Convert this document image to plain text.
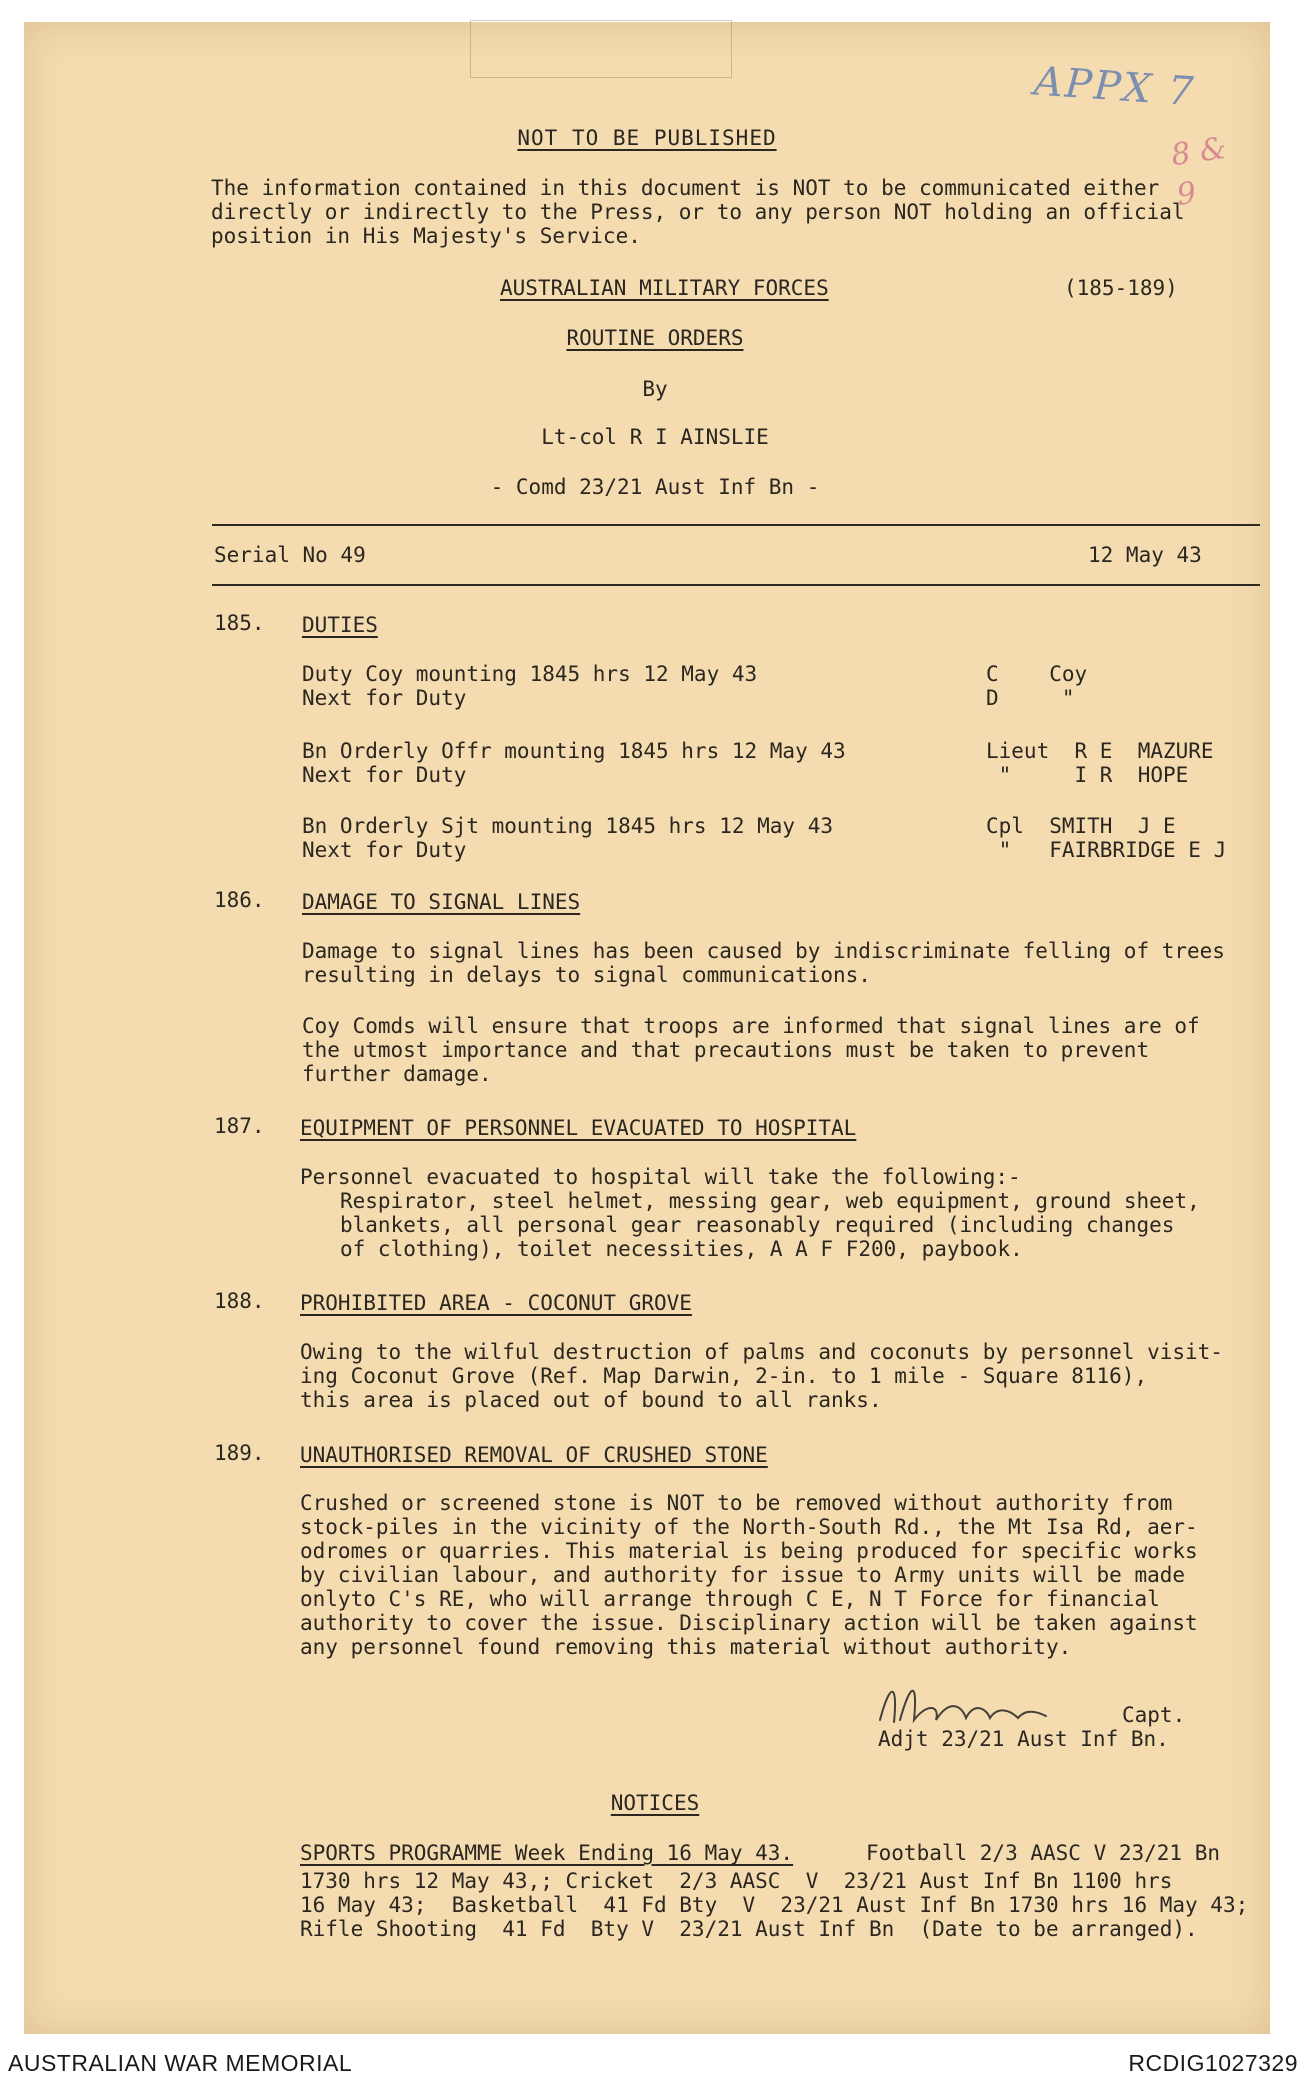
APPX 7
8 & 9
NOT TO BE PUBLISHED
The information contained in this document is NOT to be communicated either
directly or indirectly to the Press, or to any person NOT holding an official
position in His Majesty's Service.
AUSTRALIAN MILITARY FORCES	(185-189)
ROUTINE ORDERS
By
Lt-col R I AINSLIE
- Comd 23/21 Aust Inf Bn -
Serial No 49	12 May 43
185. DUTIES
Duty Coy mounting 1845 hrs 12 May 43	C    Coy
Next for Duty	D     "
Bn Orderly Offr mounting 1845 hrs 12 May 43	Lieut  R E  MAZURE
Next for Duty	"     I R  HOPE
Bn Orderly Sjt mounting 1845 hrs 12 May 43	Cpl  SMITH  J E
Next for Duty	"   FAIRBRIDGE E J
186. DAMAGE TO SIGNAL LINES
Damage to signal lines has been caused by indiscriminate felling of trees
resulting in delays to signal communications.
Coy Comds will ensure that troops are informed that signal lines are of
the utmost importance and that precautions must be taken to prevent
further damage.
187. EQUIPMENT OF PERSONNEL EVACUATED TO HOSPITAL
Personnel evacuated to hospital will take the following:-
Respirator, steel helmet, messing gear, web equipment, ground sheet,
blankets, all personal gear reasonably required (including changes
of clothing), toilet necessities, A A F F200, paybook.
188. PROHIBITED AREA - COCONUT GROVE
Owing to the wilful destruction of palms and coconuts by personnel visit-
ing Coconut Grove (Ref. Map Darwin, 2-in. to 1 mile - Square 8116),
this area is placed out of bound to all ranks.
189. UNAUTHORISED REMOVAL OF CRUSHED STONE
Crushed or screened stone is NOT to be removed without authority from
stock-piles in the vicinity of the North-South Rd., the Mt Isa Rd, aer-
odromes or quarries. This material is being produced for specific works
by civilian labour, and authority for issue to Army units will be made
onlyto C's RE, who will arrange through C E, N T Force for financial
authority to cover the issue. Disciplinary action will be taken against
any personnel found removing this material without authority.
Capt.
Adjt 23/21 Aust Inf Bn.
NOTICES
SPORTS PROGRAMME Week Ending 16 May 43.	Football 2/3 AASC V 23/21 Bn
1730 hrs 12 May 43,; Cricket  2/3 AASC  V  23/21 Aust Inf Bn 1100 hrs
16 May 43;  Basketball  41 Fd Bty  V  23/21 Aust Inf Bn 1730 hrs 16 May 43;
Rifle Shooting  41 Fd  Bty V  23/21 Aust Inf Bn  (Date to be arranged).
AUSTRALIAN WAR MEMORIAL	RCDIG1027329
